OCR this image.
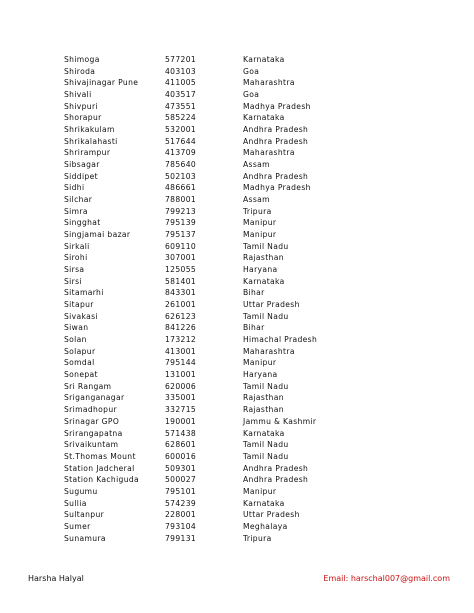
Shimoga	577201	Karnataka
Shiroda	403103	Goa
Shivajinagar Pune	411005	Maharashtra
Shivali	403517	Goa
Shivpuri	473551	Madhya Pradesh
Shorapur	585224	Karnataka
Shrikakulam	532001	Andhra Pradesh
Shrikalahasti	517644	Andhra Pradesh
Shrirampur	413709	Maharashtra
Sibsagar	785640	Assam
Siddipet	502103	Andhra Pradesh
Sidhi	486661	Madhya Pradesh
Silchar	788001	Assam
Simra	799213	Tripura
Singghat	795139	Manipur
Singjamai bazar	795137	Manipur
Sirkali	609110	Tamil Nadu
Sirohi	307001	Rajasthan
Sirsa	125055	Haryana
Sirsi	581401	Karnataka
Sitamarhi	843301	Bihar
Sitapur	261001	Uttar Pradesh
Sivakasi	626123	Tamil Nadu
Siwan	841226	Bihar
Solan	173212	Himachal Pradesh
Solapur	413001	Maharashtra
Somdal	795144	Manipur
Sonepat	131001	Haryana
Sri Rangam	620006	Tamil Nadu
Sriganganagar	335001	Rajasthan
Srimadhopur	332715	Rajasthan
Srinagar GPO	190001	Jammu & Kashmir
Srirangapatna	571438	Karnataka
Srivaikuntam	628601	Tamil Nadu
St.Thomas Mount	600016	Tamil Nadu
Station Jadcheral	509301	Andhra Pradesh
Station Kachiguda	500027	Andhra Pradesh
Sugumu	795101	Manipur
Sullia	574239	Karnataka
Sultanpur	228001	Uttar Pradesh
Sumer	793104	Meghalaya
Sunamura	799131	Tripura
Harsha Halyal	Email: harschal007@gmail.com
